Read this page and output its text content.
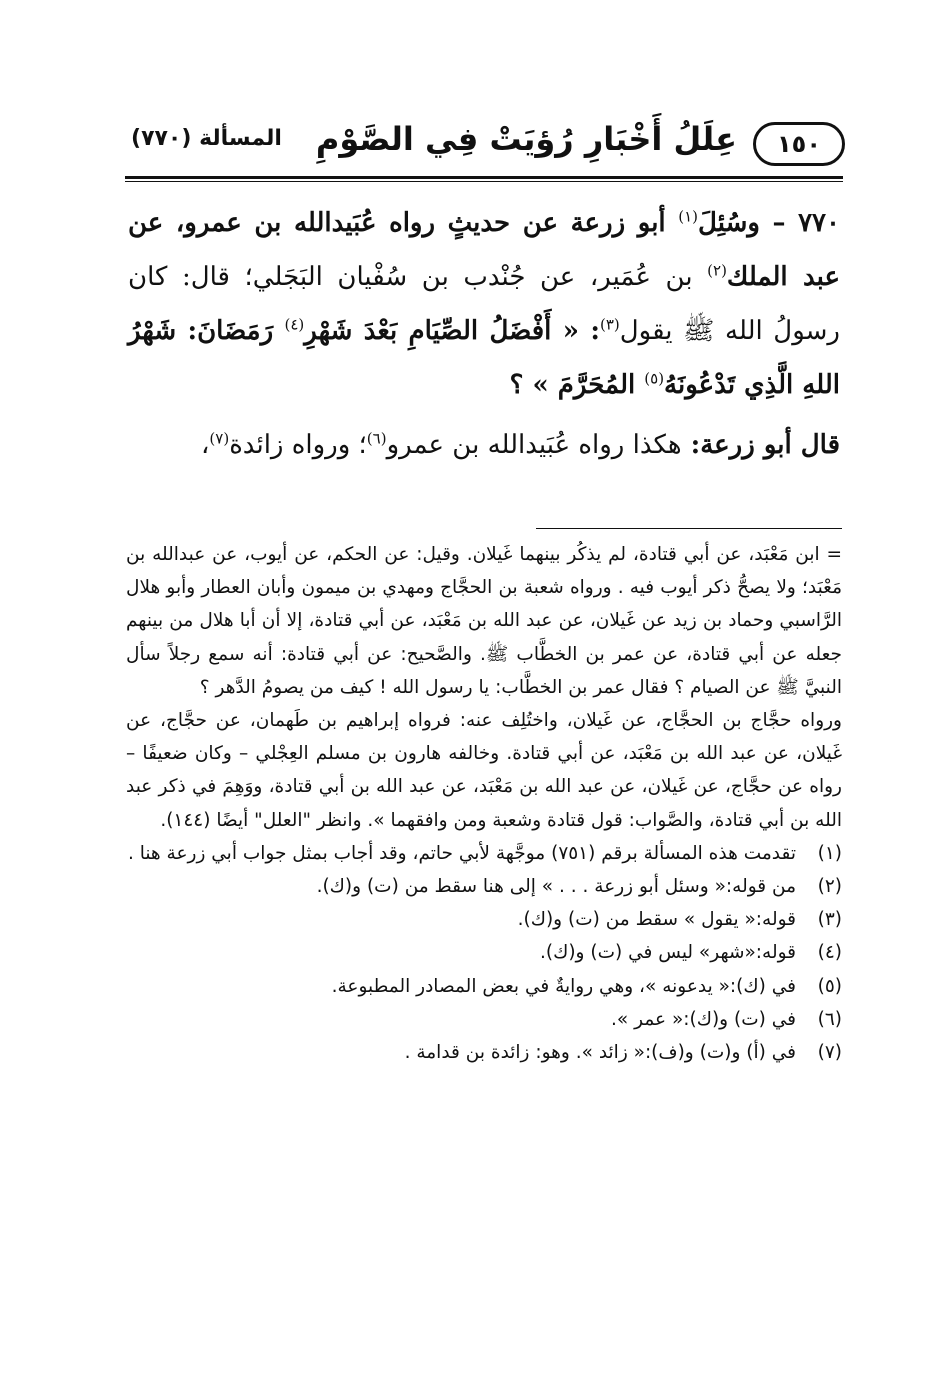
١٥٠
عِلَلُ أَخْبَارِ رُؤيَتْ فِي الصَّوْمِ
المسألة (٧٧٠)

٧٧٠ – وسُئِلَ$^{(١)}$ أبو زرعة عن حديثٍ رواه عُبَيدالله بن عمرو، عن عبد الملك$^{(٢)}$ بن عُمَير، عن جُنْدب بن سُفْيان البَجَلي؛ قال: كان رسولُ الله ﷺ يقول$^{(٣)}$: « أَفْضَلُ الصِّيَامِ بَعْدَ شَهْرِ$^{(٤)}$ رَمَضَانَ: شَهْرُ اللهِ الَّذِي تَدْعُونَهُ$^{(٥)}$ المُحَرَّمَ » ؟

قال أبو زرعة: هكذا رواه عُبَيدالله بن عمرو$^{(٦)}$؛ ورواه زائدة$^{(٧)}$،

= ابن مَعْبَد، عن أبي قتادة، لم يذكُر بينهما غَيلان. وقيل: عن الحكم، عن أيوب، عن عبدالله بن مَعْبَد؛ ولا يصحُّ ذكر أيوب فيه . ورواه شعبة بن الحجَّاج ومهدي بن ميمون وأبان العطار وأبو هلال الرَّاسبي وحماد بن زيد عن غَيلان، عن عبد الله بن مَعْبَد، عن أبي قتادة، إلا أن أبا هلال من بينهم جعله عن أبي قتادة، عن عمر بن الخطَّاب ﷺ. والصَّحيح: عن أبي قتادة: أنه سمع رجلاً سأل النبيَّ ﷺ عن الصيام ؟ فقال عمر بن الخطَّاب: يا رسول الله ! كيف من يصومُ الدَّهر ؟

ورواه حجَّاج بن الحجَّاج، عن غَيلان، واختُلِف عنه: فرواه إبراهيم بن طَهمان، عن حجَّاج، عن غَيلان، عن عبد الله بن مَعْبَد، عن أبي قتادة. وخالفه هارون بن مسلم العِجْلي – وكان ضعيفًا – رواه عن حجَّاج، عن غَيلان، عن عبد الله بن مَعْبَد، عن عبد الله بن أبي قتادة، ووَهِمَ في ذكر عبد الله بن أبي قتادة، والصَّواب: قول قتادة وشعبة ومن وافقهما ». وانظر "العلل" أيضًا (١٤٤).

(١)
تقدمت هذه المسألة برقم (٧٥١) موجَّهة لأبي حاتم، وقد أجاب بمثل جواب أبي زرعة هنا .
(٢)
من قوله:« وسئل أبو زرعة . . . » إلى هنا سقط من (ت) و(ك).
(٣)
قوله:« يقول » سقط من (ت) و(ك).
(٤)
قوله:«شهر» ليس في (ت) و(ك).
(٥)
في (ك):« يدعونه »، وهي روايةٌ في بعض المصادر المطبوعة.
(٦)
في (ت) و(ك):« عمر ».
(٧)
في (أ) و(ت) و(ف):« زائد ». وهو: زائدة بن قدامة .
